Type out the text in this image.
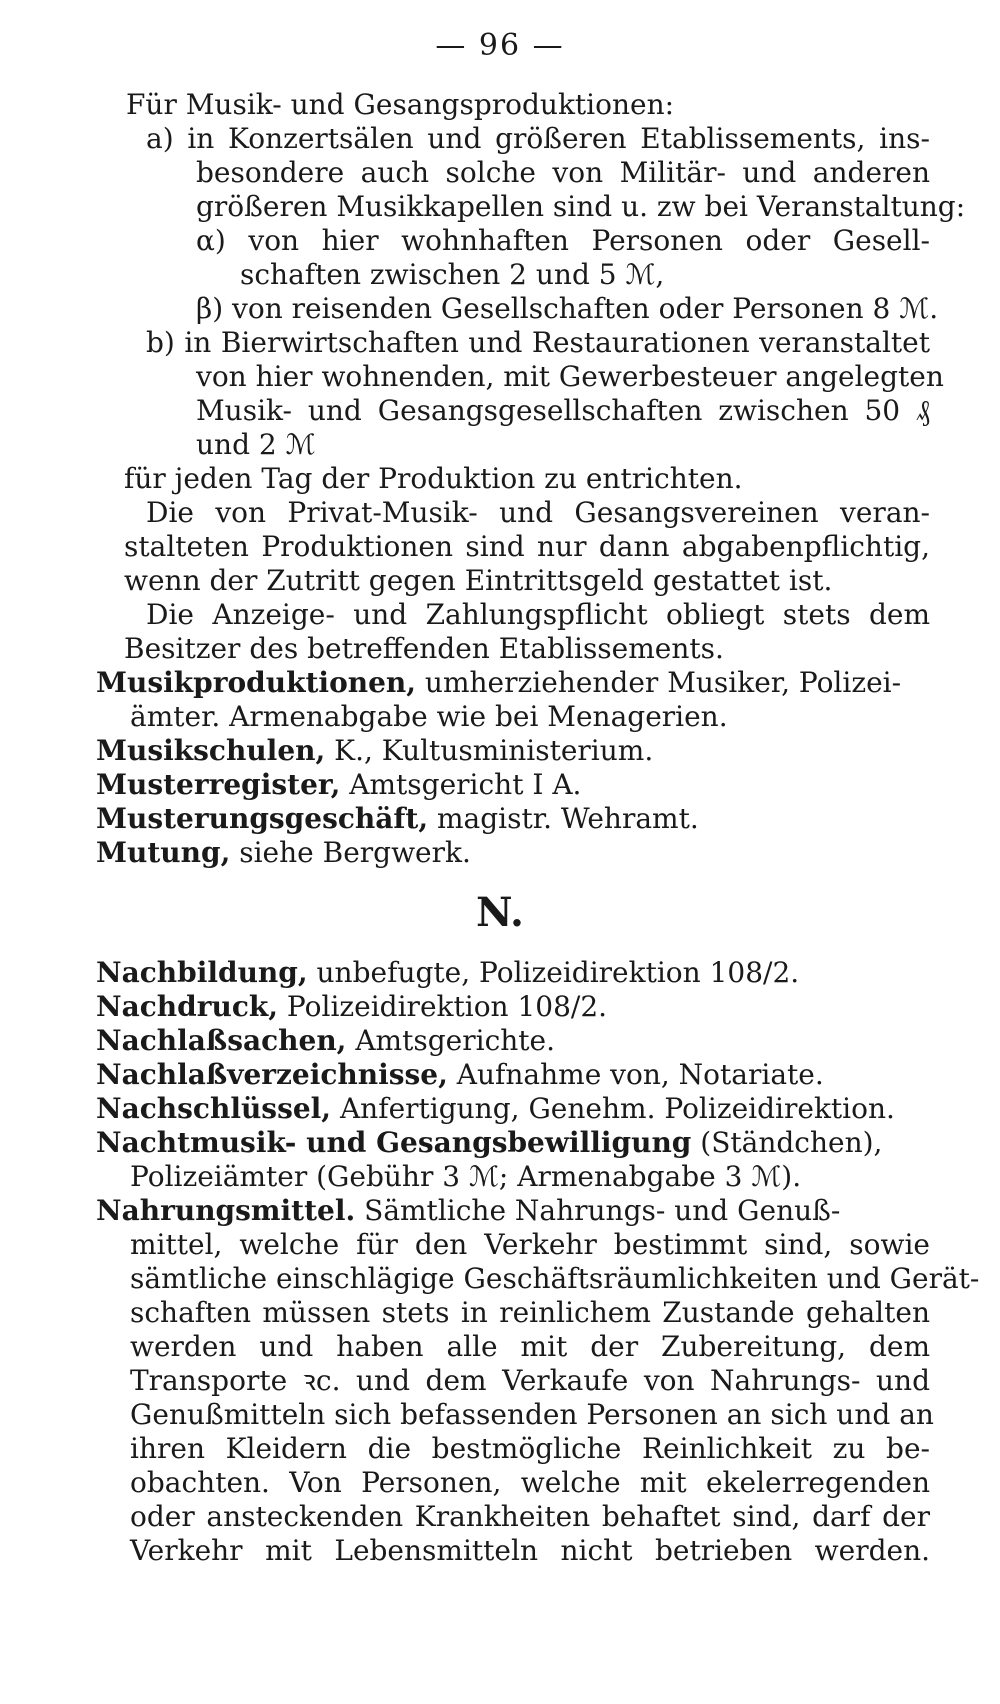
— 96 —
Für Musik- und Gesangsproduktionen:
a) in Konzertsälen und größeren Etablissements, ins-
besondere auch solche von Militär- und anderen
größeren Musikkapellen sind u. zw bei Veranstaltung:
α) von hier wohnhaften Personen oder Gesell-
schaften zwischen 2 und 5 ℳ,
β) von reisenden Gesellschaften oder Personen 8 ℳ.
b) in Bierwirtschaften und Restaurationen veranstaltet
von hier wohnenden, mit Gewerbesteuer angelegten
Musik- und Gesangsgesellschaften zwischen 50 ₰
und 2 ℳ
für jeden Tag der Produktion zu entrichten.
Die von Privat-Musik- und Gesangsvereinen veran-
stalteten Produktionen sind nur dann abgabenpflichtig,
wenn der Zutritt gegen Eintrittsgeld gestattet ist.
Die Anzeige- und Zahlungspflicht obliegt stets dem
Besitzer des betreffenden Etablissements.
Musikproduktionen, umherziehender Musiker, Polizei-
ämter. Armenabgabe wie bei Menagerien.
Musikschulen, K., Kultusministerium.
Musterregister, Amtsgericht I A.
Musterungsgeschäft, magistr. Wehramt.
Mutung, siehe Bergwerk.
N.
Nachbildung, unbefugte, Polizeidirektion 108/2.
Nachdruck, Polizeidirektion 108/2.
Nachlaßsachen, Amtsgerichte.
Nachlaßverzeichnisse, Aufnahme von, Notariate.
Nachschlüssel, Anfertigung, Genehm. Polizeidirektion.
Nachtmusik- und Gesangsbewilligung (Ständchen),
Polizeiämter (Gebühr 3 ℳ; Armenabgabe 3 ℳ).
Nahrungsmittel. Sämtliche Nahrungs- und Genuß-
mittel, welche für den Verkehr bestimmt sind, sowie
sämtliche einschlägige Geschäftsräumlichkeiten und Gerät-
schaften müssen stets in reinlichem Zustande gehalten
werden und haben alle mit der Zubereitung, dem
Transporte ꝛc. und dem Verkaufe von Nahrungs- und
Genußmitteln sich befassenden Personen an sich und an
ihren Kleidern die bestmögliche Reinlichkeit zu be-
obachten. Von Personen, welche mit ekelerregenden
oder ansteckenden Krankheiten behaftet sind, darf der
Verkehr mit Lebensmitteln nicht betrieben werden.
